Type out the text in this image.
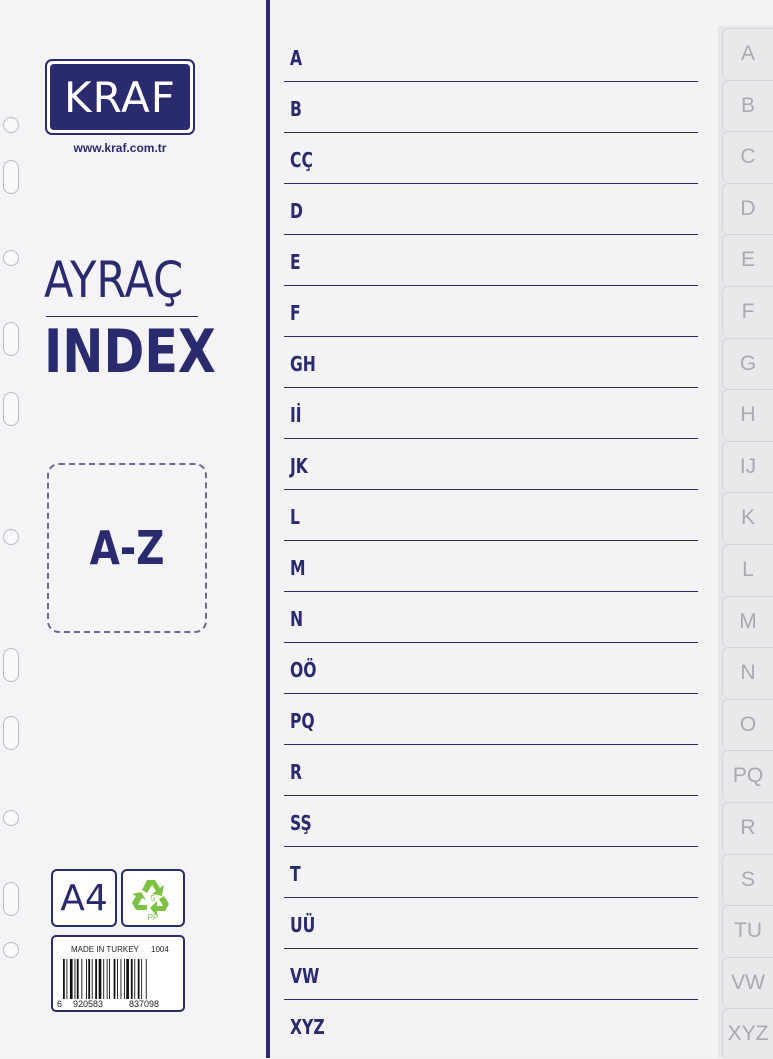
KRAF
www.kraf.com.tr
AYRAÇ
INDEX
A-Z
A4	5
PP
MADE IN TURKEY 1004
6 920583	837098
A
B
CÇ
D
E
F
GH
Iİ
JK
L
M
N
OÖ
PQ
R
SŞ
T
UÜ
VW
XYZ
A
B
C
D
E
F
G
H
IJ
K
L
M
N
O
PQ
R
S
TU
VW
XYZ
